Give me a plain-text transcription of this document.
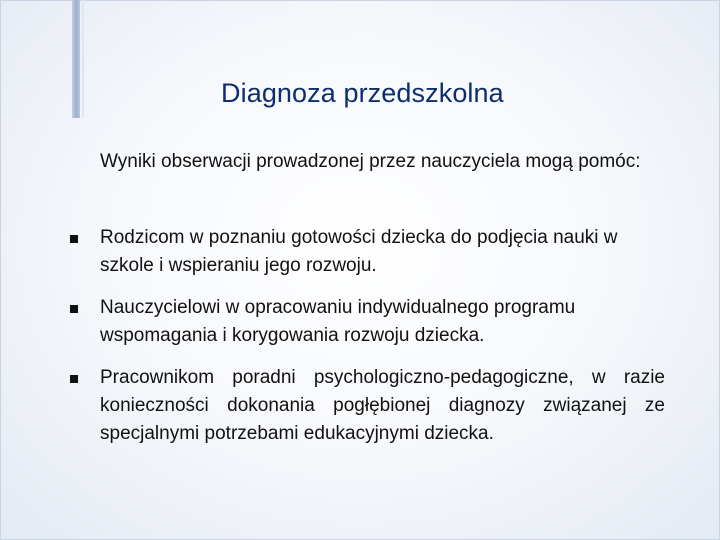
Diagnoza przedszkolna
Wyniki obserwacji prowadzonej przez nauczyciela mogą pomóc:
Rodzicom w poznaniu gotowości dziecka do podjęcia nauki w szkole i wspieraniu jego rozwoju.
Nauczycielowi w opracowaniu indywidualnego programu wspomagania i korygowania rozwoju dziecka.
Pracownikom poradni psychologiczno-pedagogiczne, w razie konieczności dokonania pogłębionej diagnozy związanej ze specjalnymi potrzebami edukacyjnymi dziecka.
